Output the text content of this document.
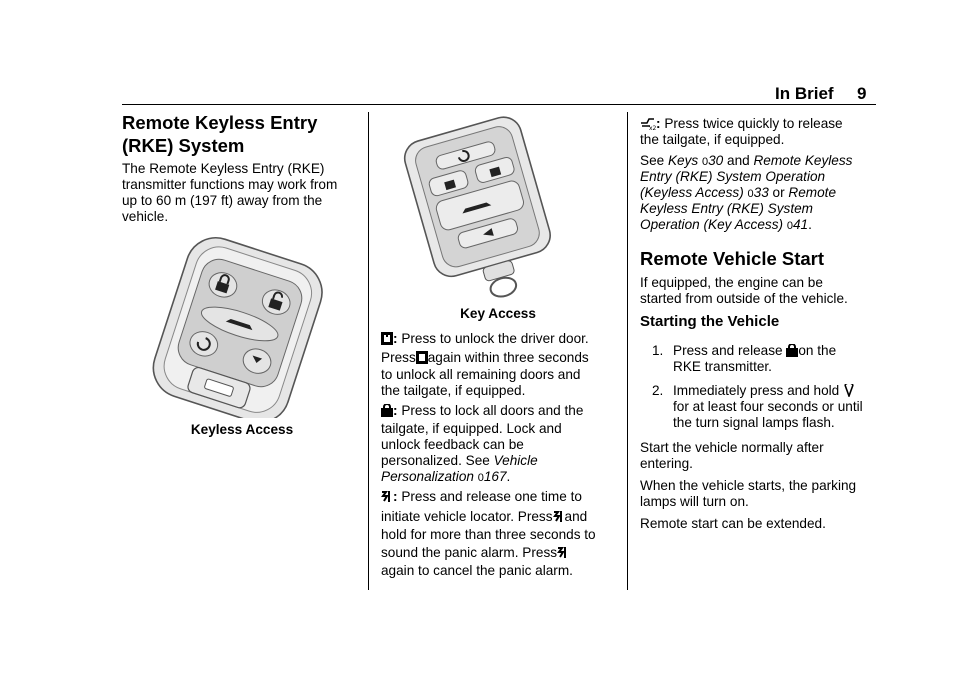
In Brief 9
Remote Keyless Entry
(RKE) System
The Remote Keyless Entry (RKE)
transmitter functions may work from
up to 60 m (197 ft) away from the
vehicle.
Keyless Access
Key Access
: Press to unlock the driver door.
Press again within three seconds
to unlock all remaining doors and
the tailgate, if equipped.
: Press to lock all doors and the
tailgate, if equipped. Lock and
unlock feedback can be
personalized. See Vehicle
Personalization 0167.
: Press and release one time to
initiate vehicle locator. Press and
hold for more than three seconds to
sound the panic alarm. Press
again to cancel the panic alarm.
x2 : Press twice quickly to release
the tailgate, if equipped.
See Keys 030 and Remote Keyless
Entry (RKE) System Operation
(Keyless Access) 033 or Remote
Keyless Entry (RKE) System
Operation (Key Access) 041.
Remote Vehicle Start
If equipped, the engine can be
started from outside of the vehicle.
Starting the Vehicle
1. Press and release on the
RKE transmitter.
2. Immediately press and hold
for at least four seconds or until
the turn signal lamps flash.
Start the vehicle normally after
entering.
When the vehicle starts, the parking
lamps will turn on.
Remote start can be extended.
